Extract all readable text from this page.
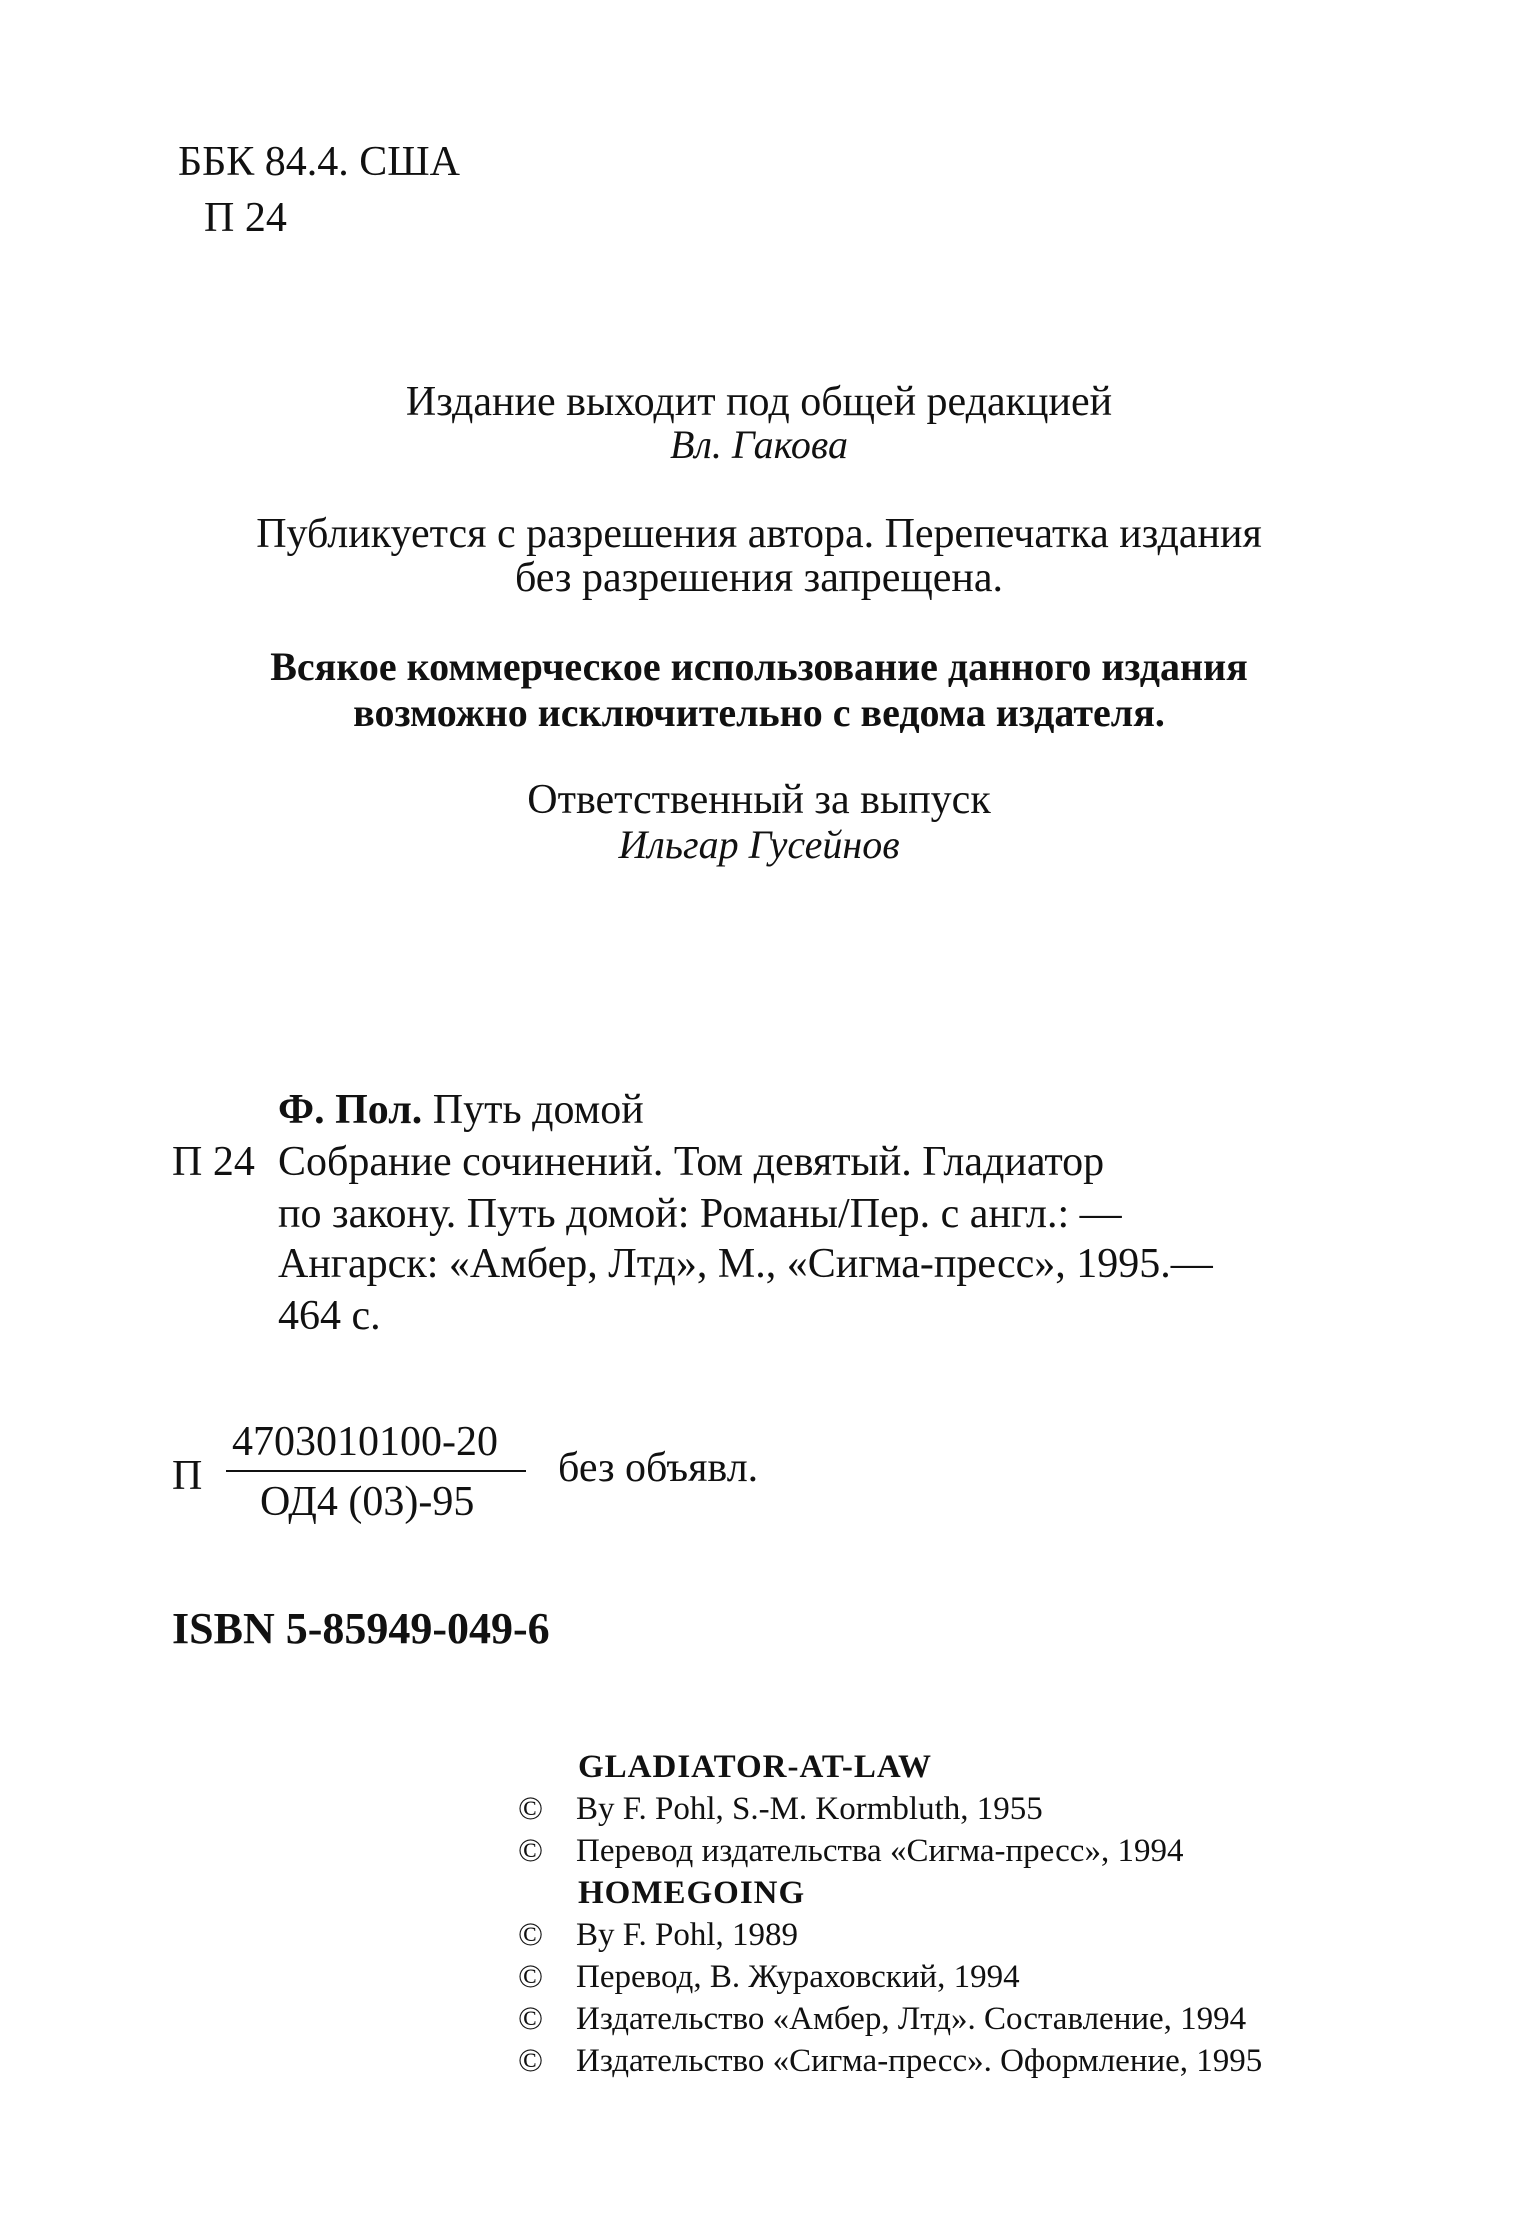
ББК 84.4. США
П 24
Издание выходит под общей редакцией
Вл. Гакова
Публикуется с разрешения автора. Перепечатка издания
без разрешения запрещена.
Всякое коммерческое использование данного издания
возможно исключительно с ведома издателя.
Ответственный за выпуск
Ильгар Гусейнов
Ф. Пол. Путь домой
П 24 Собрание сочинений. Том девятый. Гладиатор
по закону. Путь домой: Романы/Пер. с англ.: —
Ангарск: «Амбер, Лтд», М., «Сигма-пресс», 1995.—
464 с.
П
4703010100-20
ОД4 (03)-95
без объявл.
ISBN 5-85949-049-6
GLADIATOR-AT-LAW
© By F. Pohl, S.-M. Kormbluth, 1955
© Перевод издательства «Сигма-пресс», 1994
HOMEGOING
© By F. Pohl, 1989
© Перевод, В. Жураховский, 1994
© Издательство «Амбер, Лтд». Составление, 1994
© Издательство «Сигма-пресс». Оформление, 1995
